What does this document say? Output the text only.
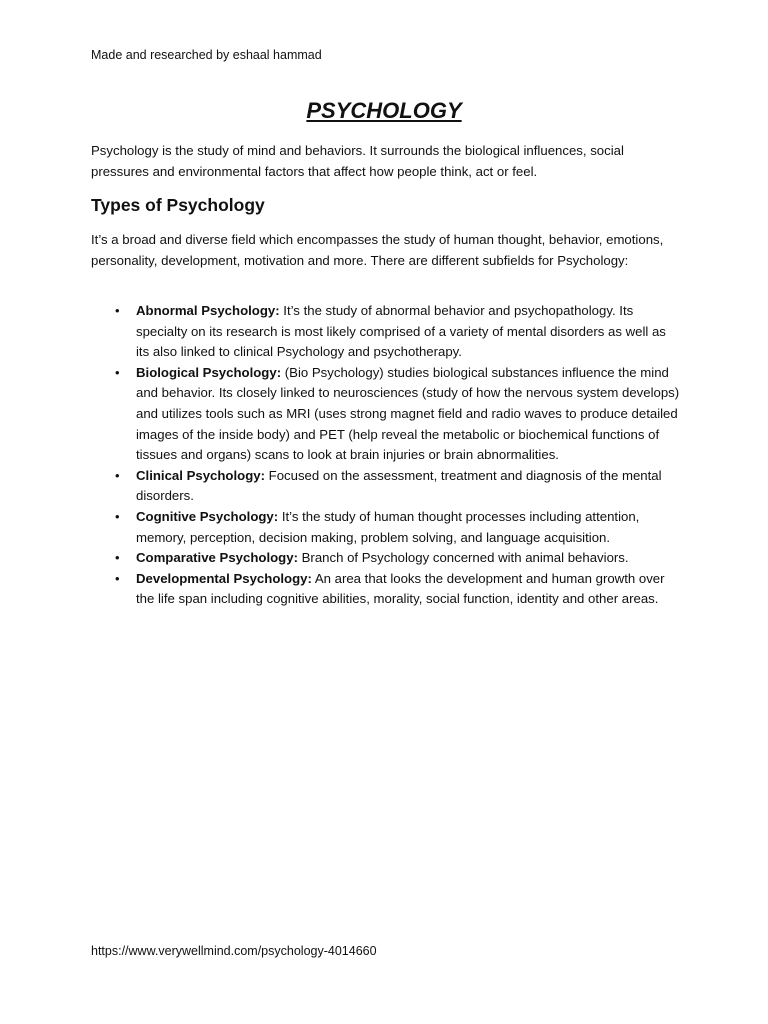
Made and researched by eshaal hammad
PSYCHOLOGY

Psychology is the study of mind and behaviors. It surrounds the biological influences, social pressures and environmental factors that affect how people think, act or feel.

Types of Psychology

It’s a broad and diverse field which encompasses the study of human thought, behavior, emotions, personality, development, motivation and more. There are different subfields for Psychology:

• Abnormal Psychology: It’s the study of abnormal behavior and psychopathology. Its specialty on its research is most likely comprised of a variety of mental disorders as well as its also linked to clinical Psychology and psychotherapy.
• Biological Psychology: (Bio Psychology) studies biological substances influence the mind and behavior. Its closely linked to neurosciences (study of how the nervous system develops) and utilizes tools such as MRI (uses strong magnet field and radio waves to produce detailed images of the inside body) and PET (help reveal the metabolic or biochemical functions of tissues and organs) scans to look at brain injuries or brain abnormalities.
• Clinical Psychology: Focused on the assessment, treatment and diagnosis of the mental disorders.
• Cognitive Psychology: It’s the study of human thought processes including attention, memory, perception, decision making, problem solving, and language acquisition.
• Comparative Psychology: Branch of Psychology concerned with animal behaviors.
• Developmental Psychology: An area that looks the development and human growth over the life span including cognitive abilities, morality, social function, identity and other areas.
https://www.verywellmind.com/psychology-4014660
